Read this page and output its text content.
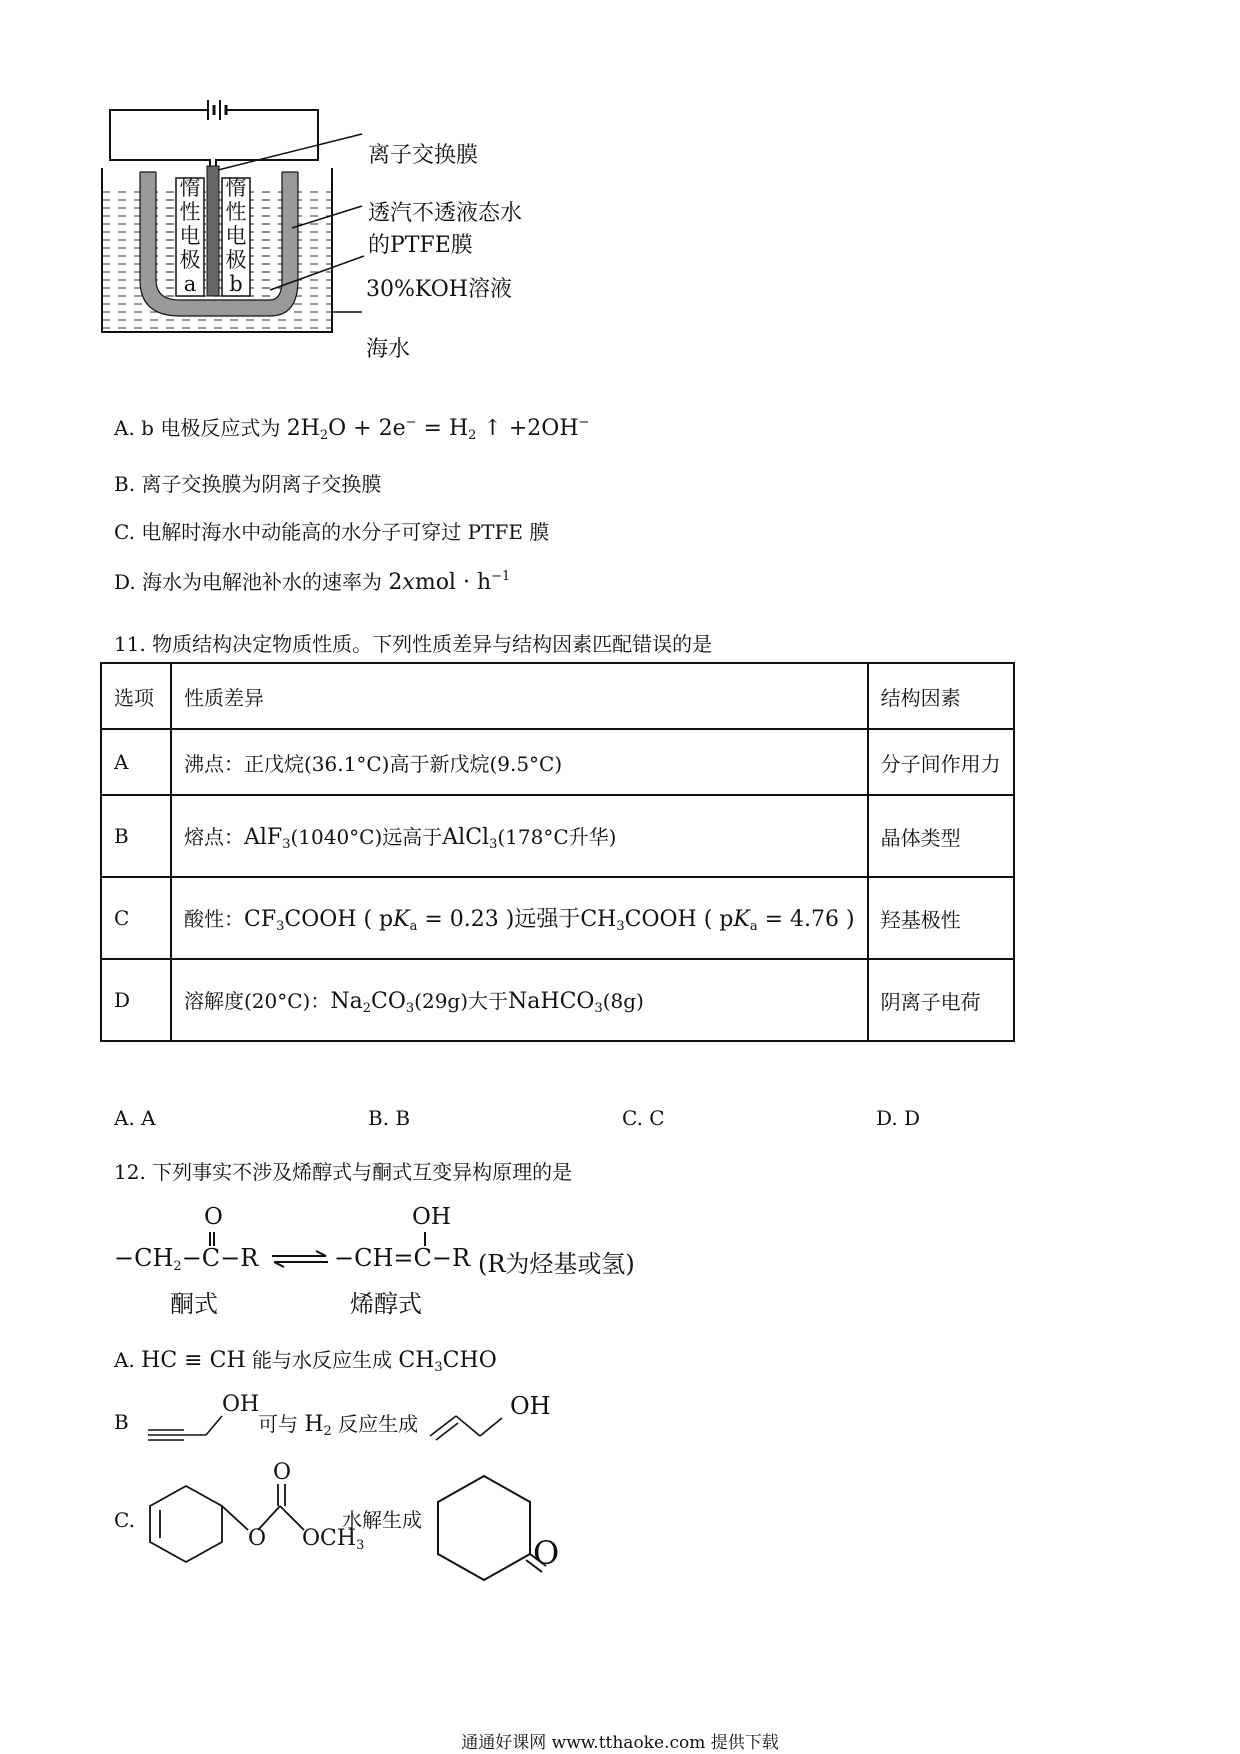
惰
性
电
极
a
惰
性
电
极
b
离子交换膜
透汽不透液态水
的PTFE膜
30%KOH溶液
海水
A. b 电极反应式为 $2H_2O + 2e^- = H_2$ ↑ +2OH−
B. 离子交换膜为阴离子交换膜
C. 电解时海水中动能高的水分子可穿过 PTFE 膜
D. 海水为电解池补水的速率为 2xmol · $h^{-1}$
11. 物质结构决定物质性质。下列性质差异与结构因素匹配错误的是
选项	性质差异	结构因素
A	沸点：正戊烷(36.1°C)高于新戊烷(9.5°C)	分子间作用力
B	熔点：AlF$_3$(1040°C)远高于AlCl$_3$(178°C升华)	晶体类型
C	酸性：$CF_3COOH$ ( $pK_a = 0.23$ )远强于$CH_3COOH$ ( $pK_a = 4.76$ )	羟基极性
D	溶解度(20°C)：$Na_2CO_3(29g)$大于NaHCO$_3$(8g)	阴离子电荷
A. A	B. B	C. C	D. D
12. 下列事实不涉及烯醇式与酮式互变异构原理的是
O	OH
$-CH_2-C-R$ ⇌ −CH=C−R (R为烃基或氢)
酮式	烯醇式
A. HC ≡ CH 能与水反应生成 $CH_3CHO$
B
OH
可与 $H_2$ 反应生成
OH
C.
O
O $OCH_3$
水解生成
O
通通好课网 www.tthaoke.com 提供下载
